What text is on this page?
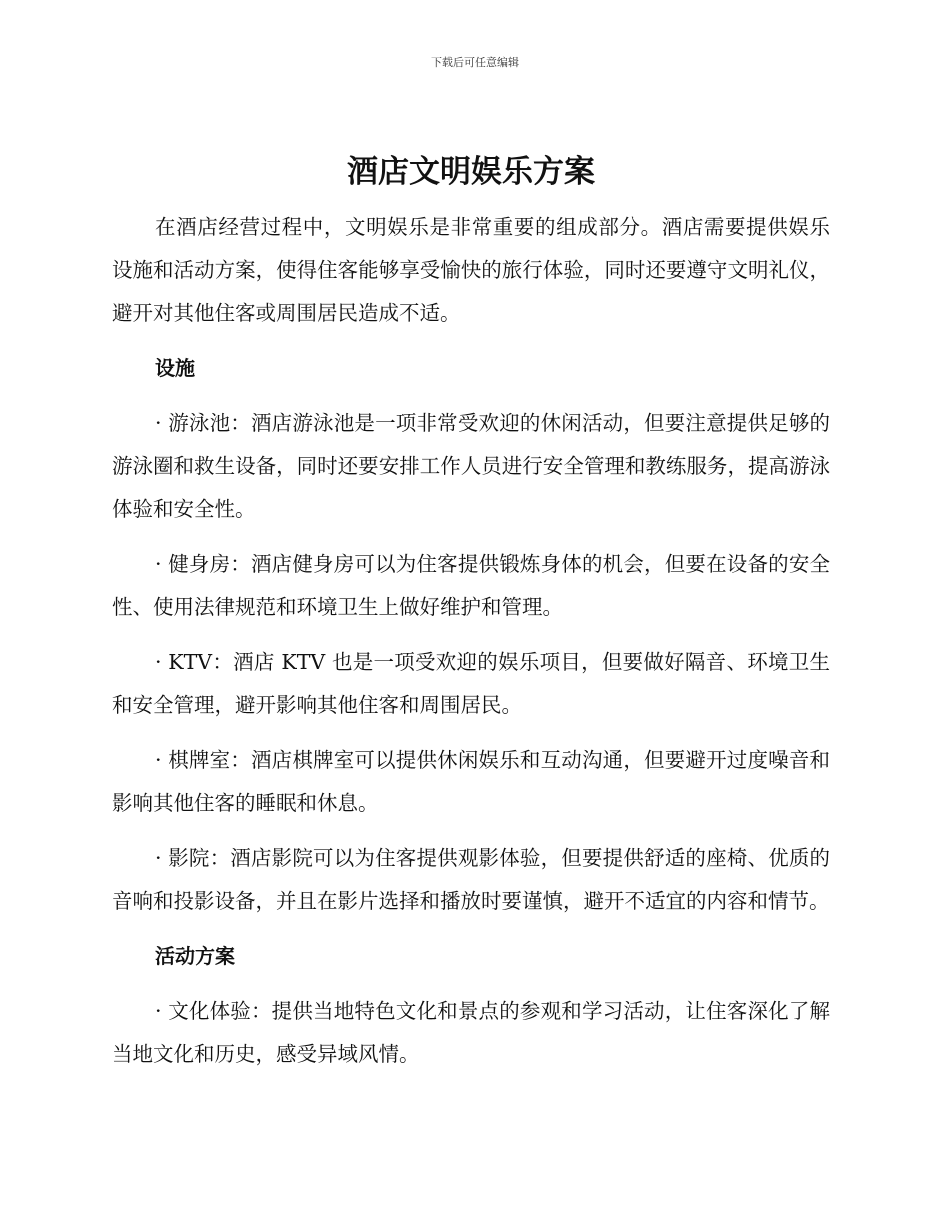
下载后可任意编辑
酒店文明娱乐方案

在酒店经营过程中，文明娱乐是非常重要的组成部分。酒店需要提供娱乐设施和活动方案，使得住客能够享受愉快的旅行体验，同时还要遵守文明礼仪，避开对其他住客或周围居民造成不适。

设施

· 游泳池：酒店游泳池是一项非常受欢迎的休闲活动，但要注意提供足够的游泳圈和救生设备，同时还要安排工作人员进行安全管理和教练服务，提高游泳体验和安全性。

· 健身房：酒店健身房可以为住客提供锻炼身体的机会，但要在设备的安全性、使用法律规范和环境卫生上做好维护和管理。

· KTV：酒店 KTV 也是一项受欢迎的娱乐项目，但要做好隔音、环境卫生和安全管理，避开影响其他住客和周围居民。

· 棋牌室：酒店棋牌室可以提供休闲娱乐和互动沟通，但要避开过度噪音和影响其他住客的睡眠和休息。

· 影院：酒店影院可以为住客提供观影体验，但要提供舒适的座椅、优质的音响和投影设备，并且在影片选择和播放时要谨慎，避开不适宜的内容和情节。

活动方案

· 文化体验：提供当地特色文化和景点的参观和学习活动，让住客深化了解当地文化和历史，感受异域风情。
